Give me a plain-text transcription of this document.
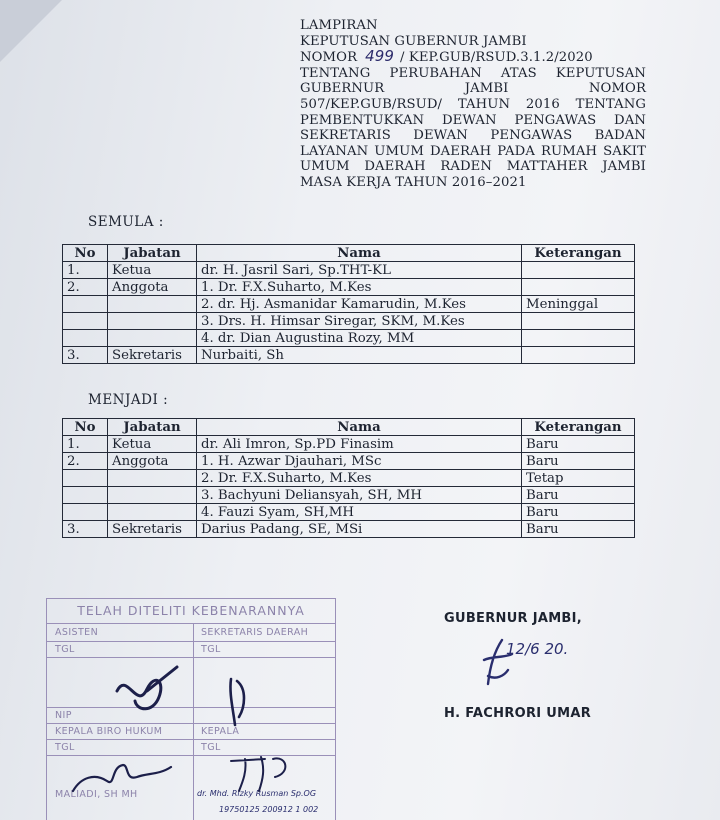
LAMPIRAN
KEPUTUSAN GUBERNUR JAMBI
NOMOR 499 / KEP.GUB/RSUD.3.1.2/2020
TENTANG PERUBAHAN ATAS KEPUTUSAN
GUBERNUR JAMBI NOMOR
507/KEP.GUB/RSUD/ TAHUN 2016 TENTANG
PEMBENTUKKAN DEWAN PENGAWAS DAN
SEKRETARIS DEWAN PENGAWAS BADAN
LAYANAN UMUM DAERAH PADA RUMAH SAKIT
UMUM DAERAH RADEN MATTAHER JAMBI
MASA KERJA TAHUN 2016–2021
SEMULA :
No	Jabatan	Nama	Keterangan
1.	Ketua	dr. H. Jasril Sari, Sp.THT-KL	
2.	Anggota	1. Dr. F.X.Suharto, M.Kes	
		2. dr. Hj. Asmanidar Kamarudin, M.Kes	Meninggal
		3. Drs. H. Himsar Siregar, SKM, M.Kes	
		4. dr. Dian Augustina Rozy, MM	
3.	Sekretaris	Nurbaiti, Sh	
MENJADI :
No	Jabatan	Nama	Keterangan
1.	Ketua	dr. Ali Imron, Sp.PD Finasim	Baru
2.	Anggota	1. H. Azwar Djauhari, MSc	Baru
		2. Dr. F.X.Suharto, M.Kes	Tetap
		3. Bachyuni Deliansyah, SH, MH	Baru
		4. Fauzi Syam, SH,MH	Baru
3.	Sekretaris	Darius Padang, SE, MSi	Baru
TELAH DITELITI KEBENARANNYA
ASISTEN	SEKRETARIS DAERAH
TGL	TGL
NIP
KEPALA BIRO HUKUM	KEPALA
TGL	TGL
MALIADI, SH MH	dr. Mhd. Rizky Rusman Sp.OG
19750125 200912 1 002
GUBERNUR JAMBI,
12/6 20.
H. FACHRORI UMAR
